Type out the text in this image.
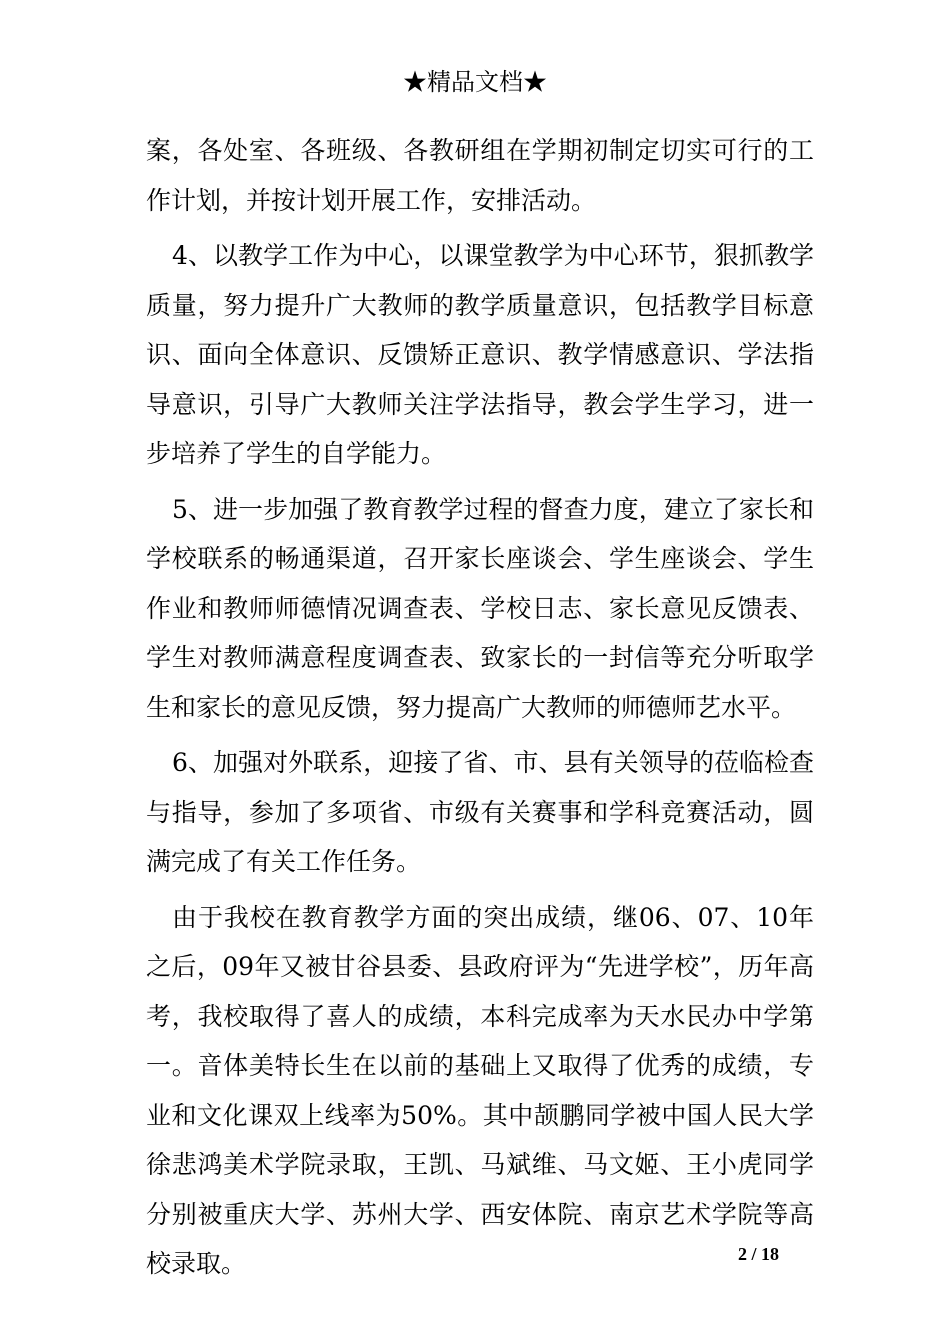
★精品文档★

案，各处室、各班级、各教研组在学期初制定切实可行的工作计划，并按计划开展工作，安排活动。

4、以教学工作为中心，以课堂教学为中心环节，狠抓教学质量，努力提升广大教师的教学质量意识，包括教学目标意识、面向全体意识、反馈矫正意识、教学情感意识、学法指导意识，引导广大教师关注学法指导，教会学生学习，进一步培养了学生的自学能力。

5、进一步加强了教育教学过程的督查力度，建立了家长和学校联系的畅通渠道，召开家长座谈会、学生座谈会、学生作业和教师师德情况调查表、学校日志、家长意见反馈表、学生对教师满意程度调查表、致家长的一封信等充分听取学生和家长的意见反馈，努力提高广大教师的师德师艺水平。

6、加强对外联系，迎接了省、市、县有关领导的莅临检查与指导，参加了多项省、市级有关赛事和学科竞赛活动，圆满完成了有关工作任务。

由于我校在教育教学方面的突出成绩，继06、07、10年之后，09年又被甘谷县委、县政府评为“先进学校”，历年高考，我校取得了喜人的成绩，本科完成率为天水民办中学第一。音体美特长生在以前的基础上又取得了优秀的成绩，专业和文化课双上线率为50%。其中颉鹏同学被中国人民大学徐悲鸿美术学院录取，王凯、马斌维、马文姬、王小虎同学分别被重庆大学、苏州大学、西安体院、南京艺术学院等高校录取。	2 / 18
